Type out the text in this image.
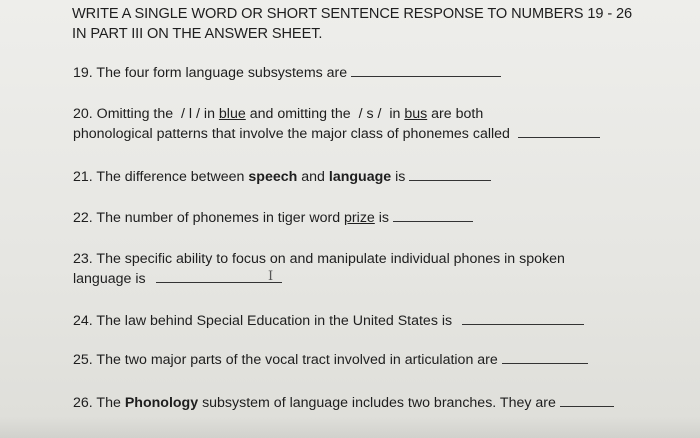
WRITE A SINGLE WORD OR SHORT SENTENCE RESPONSE TO NUMBERS 19 - 26
IN PART III ON THE ANSWER SHEET.
19. The four form language subsystems are
20. Omitting the / l / in blue and omitting the / s / in bus are both
phonological patterns that involve the major class of phonemes called
21. The difference between speech and language is
22. The number of phonemes in tiger word prize is
23. The specific ability to focus on and manipulate individual phones in spoken
language is	I
24. The law behind Special Education in the United States is
25. The two major parts of the vocal tract involved in articulation are
26. The Phonology subsystem of language includes two branches. They are
